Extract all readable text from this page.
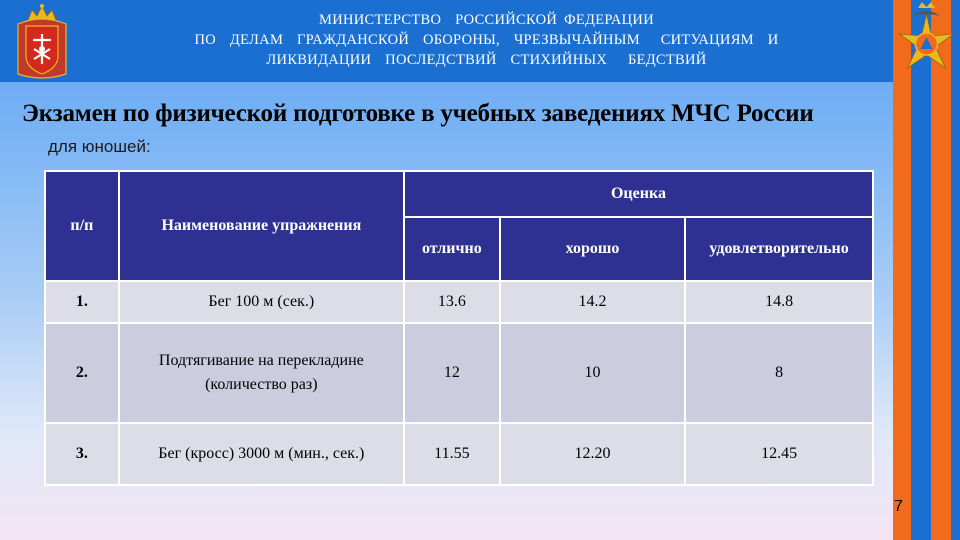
МИНИСТЕРСТВО  РОССИЙСКОЙ ФЕДЕРАЦИИ
ПО  ДЕЛАМ  ГРАЖДАНСКОЙ  ОБОРОНЫ,  ЧРЕЗВЫЧАЙНЫМ   СИТУАЦИЯМ  И
ЛИКВИДАЦИИ  ПОСЛЕДСТВИЙ  СТИХИЙНЫХ   БЕДСТВИЙ
Экзамен по физической подготовке в учебных заведениях МЧС России
для юношей:
п/п	Наименование упражнения	Оценка		
		отлично	хорошо	удовлетворительно
1.	Бег 100 м (сек.)	13.6	14.2	14.8
2.	Подтягивание на перекладине
(количество раз)	12	10	8
3.	Бег (кросс) 3000 м (мин., сек.)	11.55	12.20	12.45
7
